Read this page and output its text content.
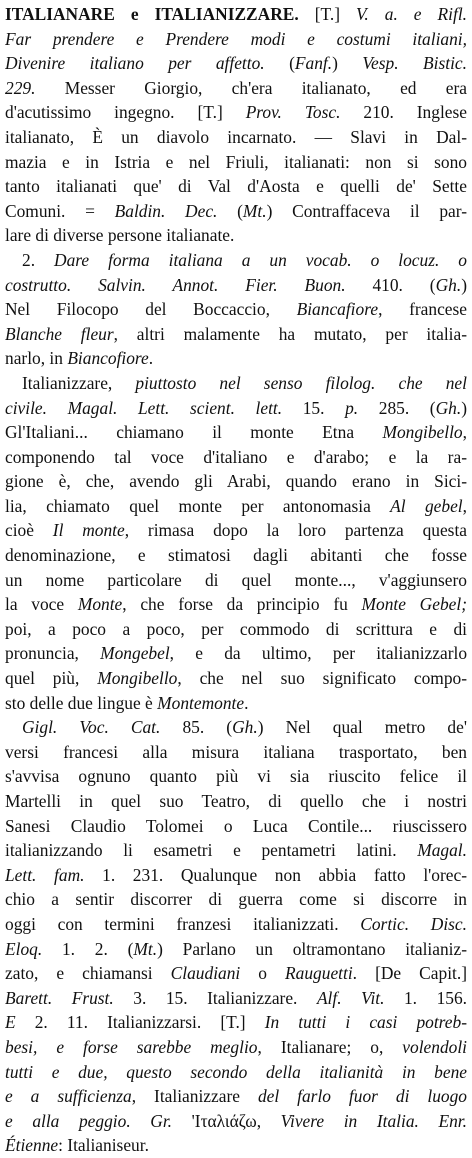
ITALIANARE e ITALIANIZZARE. [T.] V. a. e Rifl.
Far prendere e Prendere modi e costumi italiani,
Divenire italiano per affetto. (Fanf.) Vesp. Bistic.
229. Messer Giorgio, ch'era italianato, ed era
d'acutissimo ingegno. [T.] Prov. Tosc. 210. Inglese
italianato, È un diavolo incarnato. — Slavi in Dal-
mazia e in Istria e nel Friuli, italianati: non si sono
tanto italianati que' di Val d'Aosta e quelli de' Sette
Comuni. = Baldin. Dec. (Mt.) Contraffaceva il par-
lare di diverse persone italianate.
2. Dare forma italiana a un vocab. o locuz. o
costrutto. Salvin. Annot. Fier. Buon. 410. (Gh.)
Nel Filocopo del Boccaccio, Biancafiore, francese
Blanche fleur, altri malamente ha mutato, per italia-
narlo, in Biancofiore.
Italianizzare, piuttosto nel senso filolog. che nel
civile. Magal. Lett. scient. lett. 15. p. 285. (Gh.)
Gl'Italiani... chiamano il monte Etna Mongibello,
componendo tal voce d'italiano e d'arabo; e la ra-
gione è, che, avendo gli Arabi, quando erano in Sici-
lia, chiamato quel monte per antonomasia Al gebel,
cioè Il monte, rimasa dopo la loro partenza questa
denominazione, e stimatosi dagli abitanti che fosse
un nome particolare di quel monte..., v'aggiunsero
la voce Monte, che forse da principio fu Monte Gebel;
poi, a poco a poco, per commodo di scrittura e di
pronuncia, Mongebel, e da ultimo, per italianizzarlo
quel più, Mongibello, che nel suo significato compo-
sto delle due lingue è Montemonte.
Gigl. Voc. Cat. 85. (Gh.) Nel qual metro de'
versi francesi alla misura italiana trasportato, ben
s'avvisa ognuno quanto più vi sia riuscito felice il
Martelli in quel suo Teatro, di quello che i nostri
Sanesi Claudio Tolomei o Luca Contile... riuscissero
italianizzando li esametri e pentametri latini. Magal.
Lett. fam. 1. 231. Qualunque non abbia fatto l'orec-
chio a sentir discorrer di guerra come si discorre in
oggi con termini franzesi italianizzati. Cortic. Disc.
Eloq. 1. 2. (Mt.) Parlano un oltramontano italianiz-
zato, e chiamansi Claudiani o Rauguetti. [De Capit.]
Barett. Frust. 3. 15. Italianizzare. Alf. Vit. 1. 156.
E 2. 11. Italianizzarsi. [T.] In tutti i casi potreb-
besi, e forse sarebbe meglio, Italianare; o, volendoli
tutti e due, questo secondo della italianità in bene
e a sufficienza, Italianizzare del farlo fuor di luogo
e alla peggio. Gr. 'Ιταλιάζω, Vivere in Italia. Enr.
Étienne: Italianiseur.
